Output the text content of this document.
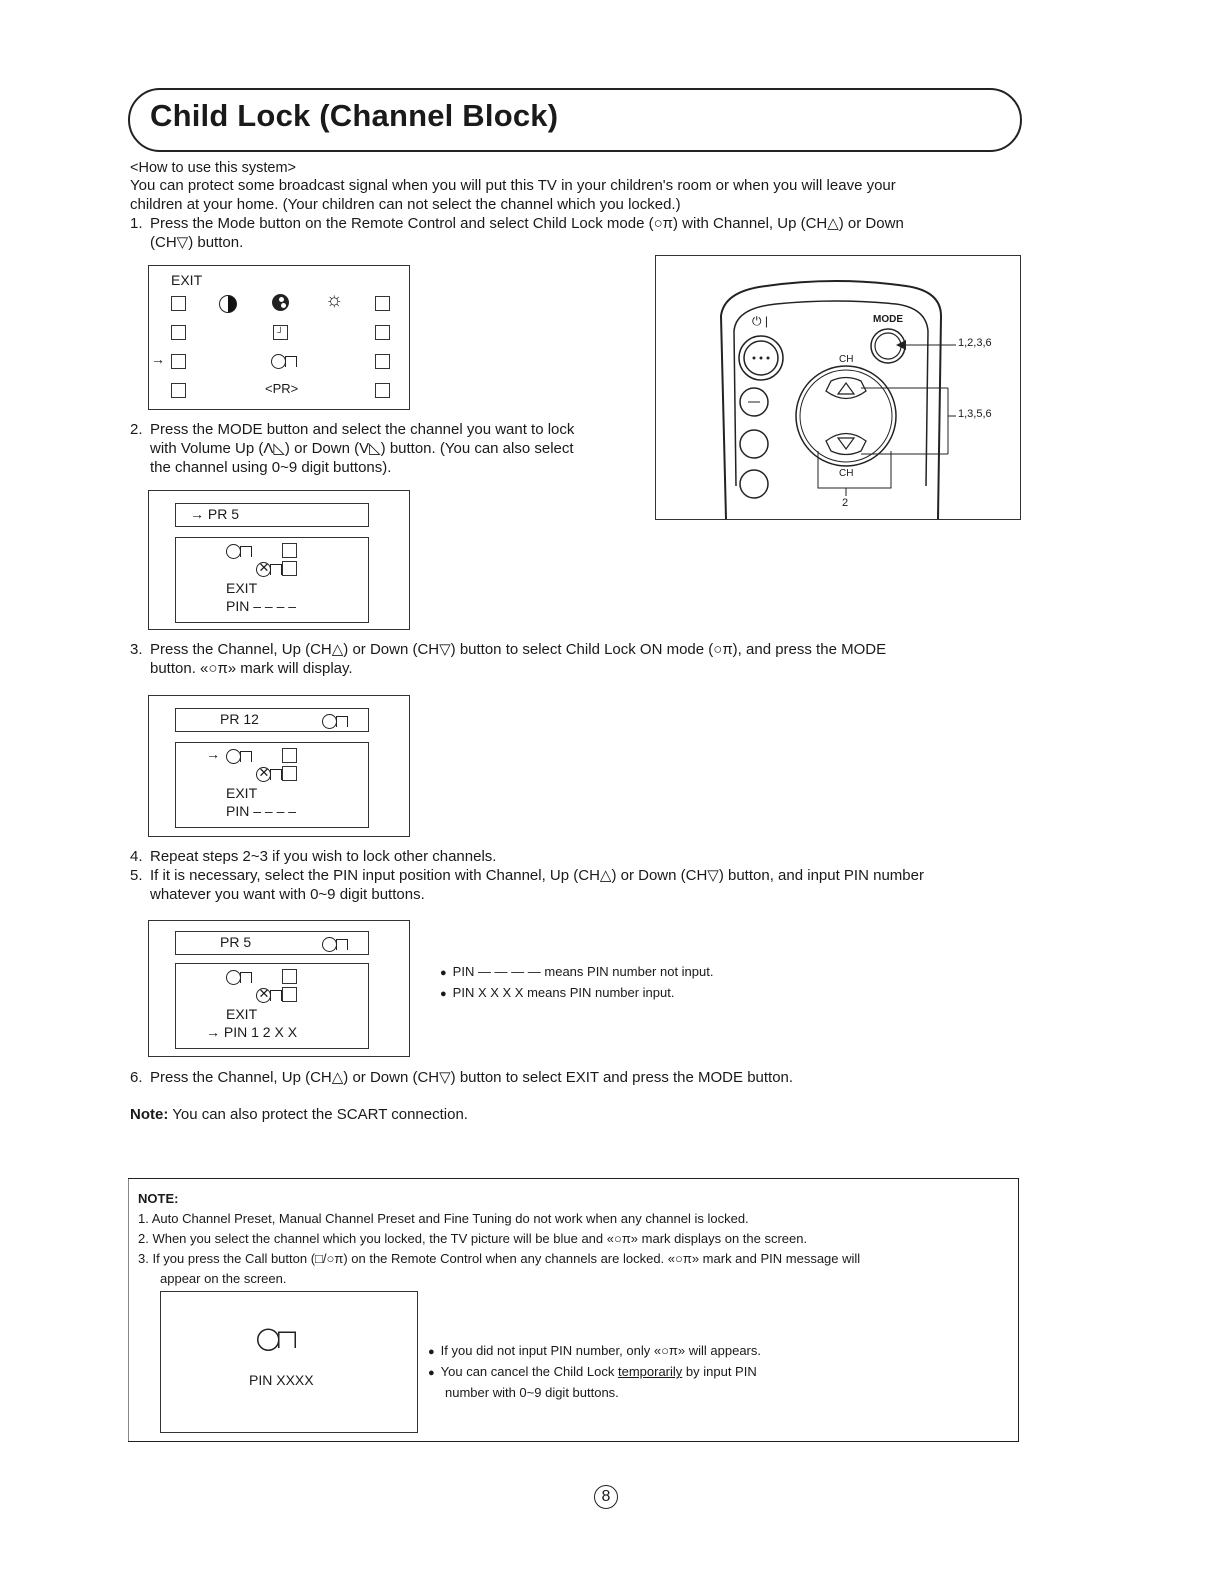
Child Lock (Channel Block)
<How to use this system>
You can protect some broadcast signal when you will put this TV in your children's room or when you will leave your
children at your home. (Your children can not select the channel which you locked.)
1. Press the Mode button on the Remote Control and select Child Lock mode (○π) with Channel, Up (CH△) or Down
(CH▽) button.
EXIT
☼
┘
→
<PR>
⏻ |	MODE
CH
CH
1,2,3,6
1,3,5,6
2
2. Press the MODE button and select the channel you want to lock
with Volume Up (Λ◺) or Down (V◺) button. (You can also select
the channel using 0~9 digit buttons).
→ PR 5

✕
EXIT
PIN – – – –
3. Press the Channel, Up (CH△) or Down (CH▽) button to select Child Lock ON mode (○π), and press the MODE
button. «○π» mark will display.
PR 12
→

✕
EXIT
PIN – – – –
4. Repeat steps 2~3 if you wish to lock other channels.
5. If it is necessary, select the PIN input position with Channel, Up (CH△) or Down (CH▽) button, and input PIN number
whatever you want with 0~9 digit buttons.
PR 5

✕
EXIT
→ PIN 1 2 X X
● PIN — — — — means PIN number not input.
● PIN X X X X means PIN number input.
6. Press the Channel, Up (CH△) or Down (CH▽) button to select EXIT and press the MODE button.
Note: You can also protect the SCART connection.
NOTE:
1. Auto Channel Preset, Manual Channel Preset and Fine Tuning do not work when any channel is locked.
2. When you select the channel which you locked, the TV picture will be blue and «○π» mark displays on the screen.
3. If you press the Call button (□/○π) on the Remote Control when any channels are locked. «○π» mark and PIN message will
appear on the screen.
PIN XXXX
● If you did not input PIN number, only «○π» will appears.
● You can cancel the Child Lock temporarily by input PIN
number with 0~9 digit buttons.
8
